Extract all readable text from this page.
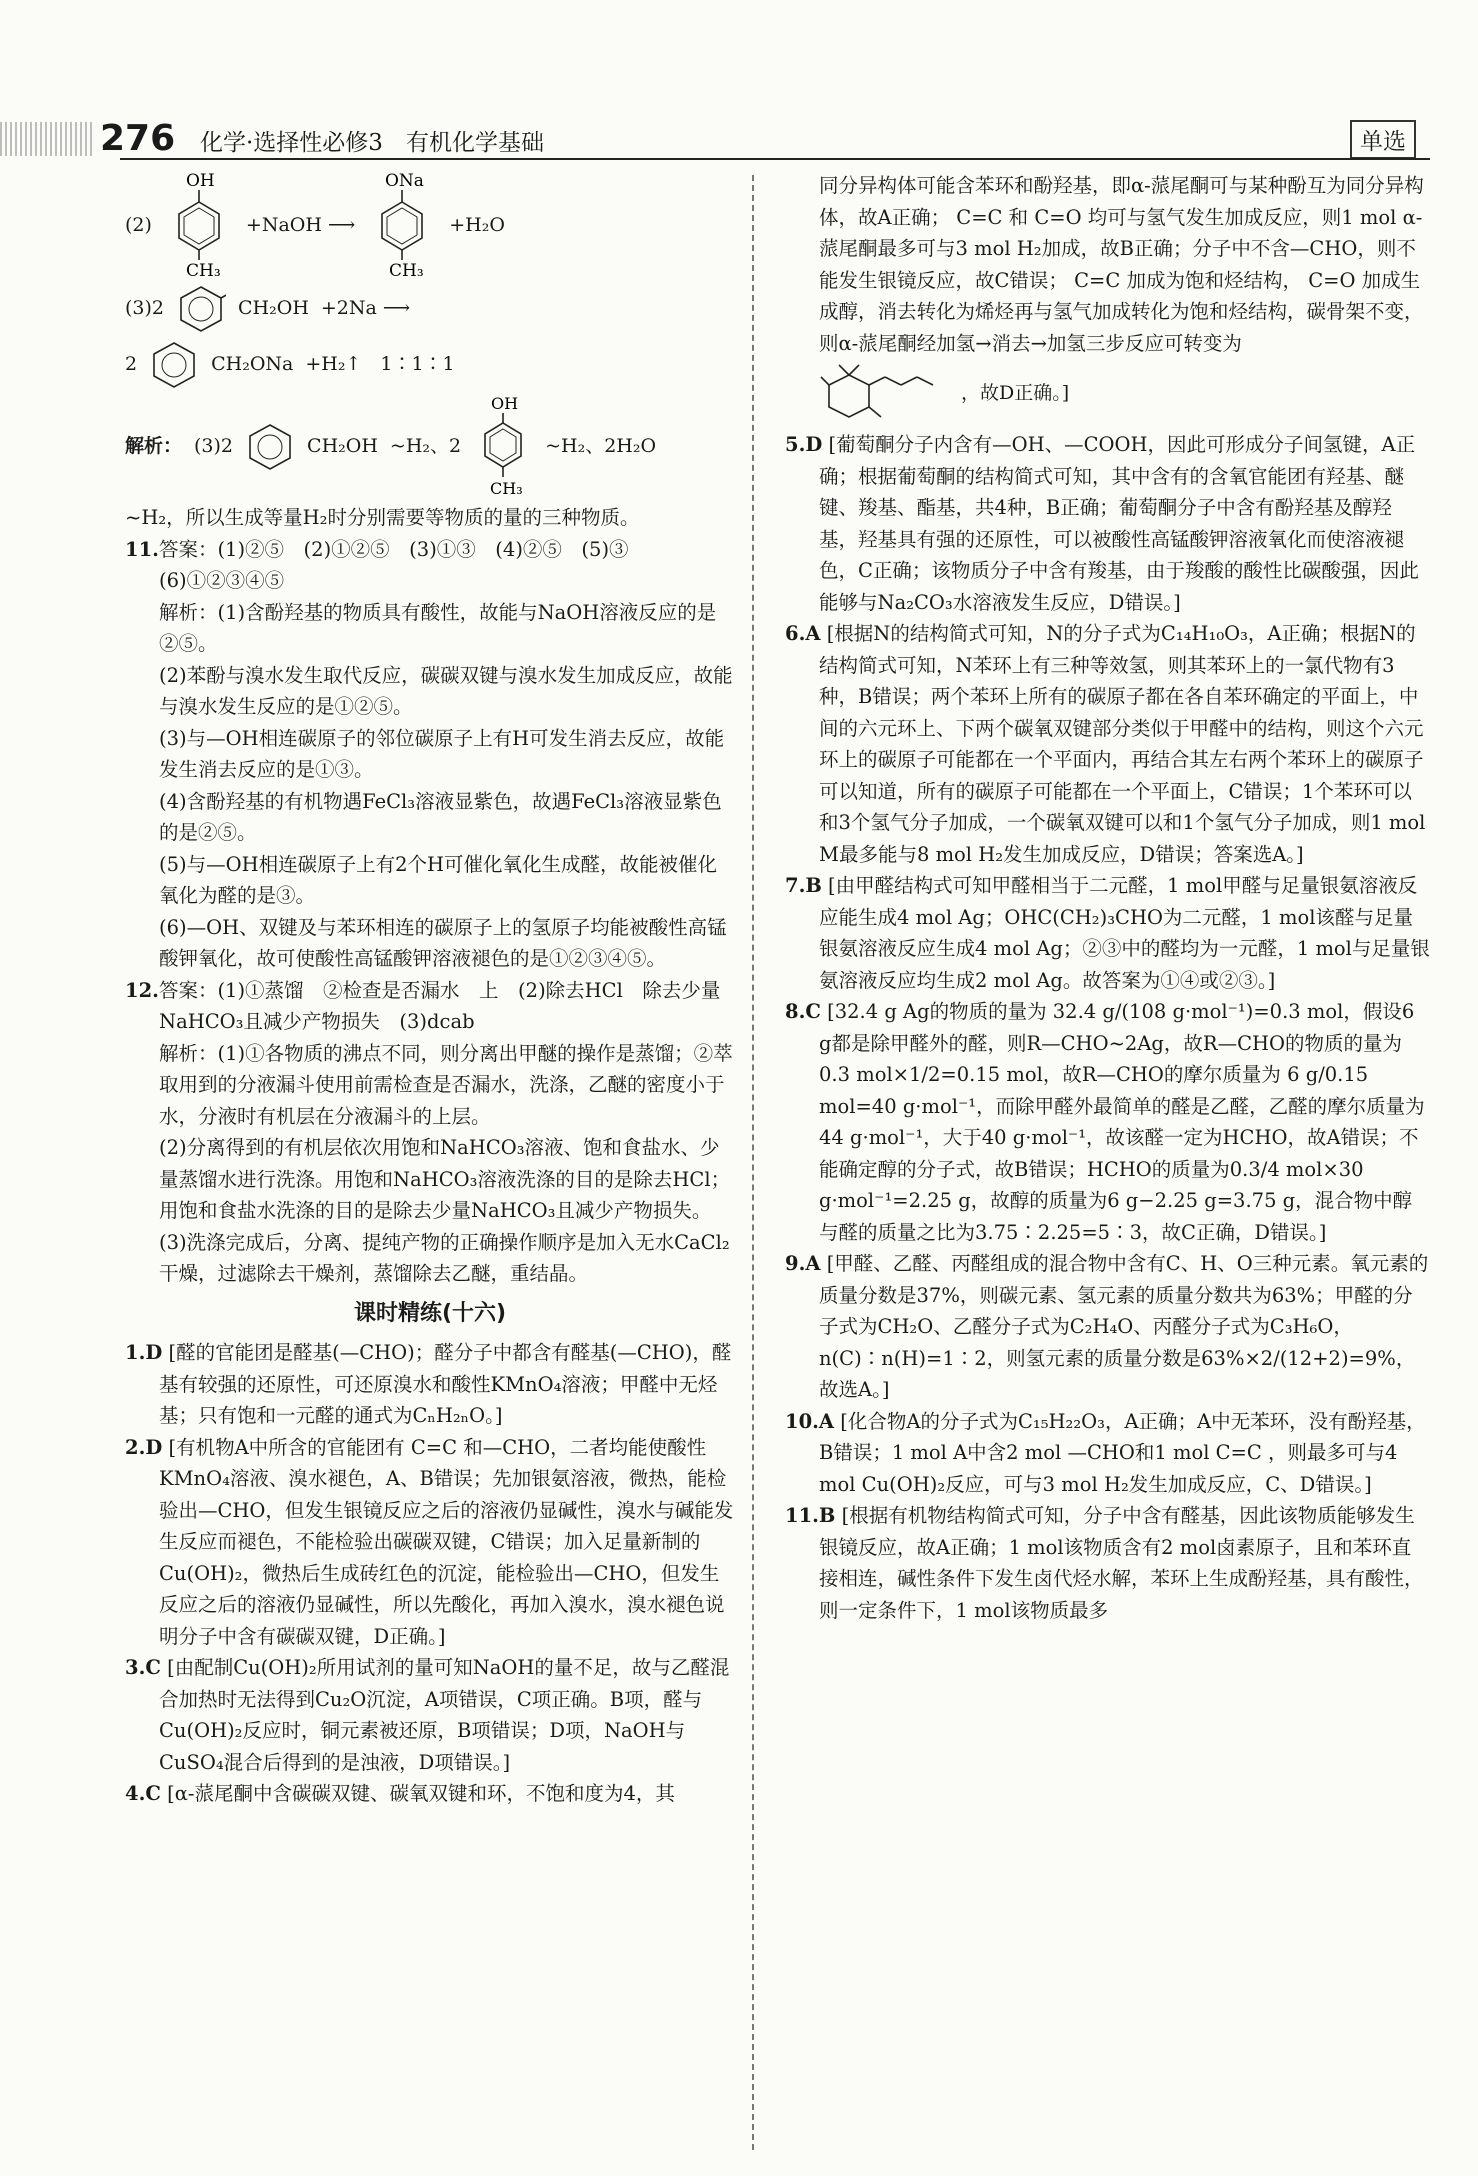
276 化学·选择性必修3　有机化学基础	单选
(2)
OH
CH₃
+NaOH ⟶
ONa
CH₃
+H₂O
(3)2	CH₂OH +2Na ⟶
2	CH₂ONa +H₂↑　1∶1∶1
解析： (3)2	CH₂OH ~H₂、2
OH
CH₃
~H₂、2H₂O

~H₂，所以生成等量H₂时分别需要等物质的量的三种物质。

11.答案：(1)②⑤　(2)①②⑤　(3)①③　(4)②⑤　(5)③　(6)①②③④⑤

解析：(1)含酚羟基的物质具有酸性，故能与NaOH溶液反应的是②⑤。

(2)苯酚与溴水发生取代反应，碳碳双键与溴水发生加成反应，故能与溴水发生反应的是①②⑤。

(3)与—OH相连碳原子的邻位碳原子上有H可发生消去反应，故能发生消去反应的是①③。

(4)含酚羟基的有机物遇FeCl₃溶液显紫色，故遇FeCl₃溶液显紫色的是②⑤。

(5)与—OH相连碳原子上有2个H可催化氧化生成醛，故能被催化氧化为醛的是③。

(6)—OH、双键及与苯环相连的碳原子上的氢原子均能被酸性高锰酸钾氧化，故可使酸性高锰酸钾溶液褪色的是①②③④⑤。

12.答案：(1)①蒸馏　②检查是否漏水　上　(2)除去HCl　除去少量NaHCO₃且减少产物损失　(3)dcab

解析：(1)①各物质的沸点不同，则分离出甲醚的操作是蒸馏；②萃取用到的分液漏斗使用前需检查是否漏水，洗涤，乙醚的密度小于水，分液时有机层在分液漏斗的上层。

(2)分离得到的有机层依次用饱和NaHCO₃溶液、饱和食盐水、少量蒸馏水进行洗涤。用饱和NaHCO₃溶液洗涤的目的是除去HCl；用饱和食盐水洗涤的目的是除去少量NaHCO₃且减少产物损失。

(3)洗涤完成后，分离、提纯产物的正确操作顺序是加入无水CaCl₂干燥，过滤除去干燥剂，蒸馏除去乙醚，重结晶。

课时精练(十六)

1.D [醛的官能团是醛基(—CHO)；醛分子中都含有醛基(—CHO)，醛基有较强的还原性，可还原溴水和酸性KMnO₄溶液；甲醛中无烃基；只有饱和一元醛的通式为CₙH₂ₙO。]

2.D [有机物A中所含的官能团有 C=C 和—CHO，二者均能使酸性KMnO₄溶液、溴水褪色，A、B错误；先加银氨溶液，微热，能检验出—CHO，但发生银镜反应之后的溶液仍显碱性，溴水与碱能发生反应而褪色，不能检验出碳碳双键，C错误；加入足量新制的Cu(OH)₂，微热后生成砖红色的沉淀，能检验出—CHO，但发生反应之后的溶液仍显碱性，所以先酸化，再加入溴水，溴水褪色说明分子中含有碳碳双键，D正确。]

3.C [由配制Cu(OH)₂所用试剂的量可知NaOH的量不足，故与乙醛混合加热时无法得到Cu₂O沉淀，A项错误，C项正确。B项，醛与Cu(OH)₂反应时，铜元素被还原，B项错误；D项，NaOH与CuSO₄混合后得到的是浊液，D项错误。]

4.C [α-蒎尾酮中含碳碳双键、碳氧双键和环，不饱和度为4，其

同分异构体可能含苯环和酚羟基，即α-蒎尾酮可与某种酚互为同分异构体，故A正确； C=C 和 C=O 均可与氢气发生加成反应，则1 mol α-蒎尾酮最多可与3 mol H₂加成，故B正确；分子中不含—CHO，则不能发生银镜反应，故C错误； C=C 加成为饱和烃结构， C=O 加成生成醇，消去转化为烯烃再与氢气加成转化为饱和烃结构，碳骨架不变，则α-蒎尾酮经加氢→消去→加氢三步反应可转变为

，故D正确。]

5.D [葡萄酮分子内含有—OH、—COOH，因此可形成分子间氢键，A正确；根据葡萄酮的结构简式可知，其中含有的含氧官能团有羟基、醚键、羧基、酯基，共4种，B正确；葡萄酮分子中含有酚羟基及醇羟基，羟基具有强的还原性，可以被酸性高锰酸钾溶液氧化而使溶液褪色，C正确；该物质分子中含有羧基，由于羧酸的酸性比碳酸强，因此能够与Na₂CO₃水溶液发生反应，D错误。]

6.A [根据N的结构简式可知，N的分子式为C₁₄H₁₀O₃，A正确；根据N的结构简式可知，N苯环上有三种等效氢，则其苯环上的一氯代物有3种，B错误；两个苯环上所有的碳原子都在各自苯环确定的平面上，中间的六元环上、下两个碳氧双键部分类似于甲醛中的结构，则这个六元环上的碳原子可能都在一个平面内，再结合其左右两个苯环上的碳原子可以知道，所有的碳原子可能都在一个平面上，C错误；1个苯环可以和3个氢气分子加成，一个碳氧双键可以和1个氢气分子加成，则1 mol M最多能与8 mol H₂发生加成反应，D错误；答案选A。]

7.B [由甲醛结构式可知甲醛相当于二元醛，1 mol甲醛与足量银氨溶液反应能生成4 mol Ag；OHC(CH₂)₃CHO为二元醛，1 mol该醛与足量银氨溶液反应生成4 mol Ag；②③中的醛均为一元醛，1 mol与足量银氨溶液反应均生成2 mol Ag。故答案为①④或②③。]

8.C [32.4 g Ag的物质的量为 32.4 g/(108 g·mol⁻¹)=0.3 mol，假设6 g都是除甲醛外的醛，则R—CHO~2Ag，故R—CHO的物质的量为0.3 mol×1/2=0.15 mol，故R—CHO的摩尔质量为 6 g/0.15 mol=40 g·mol⁻¹，而除甲醛外最简单的醛是乙醛，乙醛的摩尔质量为44 g·mol⁻¹，大于40 g·mol⁻¹，故该醛一定为HCHO，故A错误；不能确定醇的分子式，故B错误；HCHO的质量为0.3/4 mol×30 g·mol⁻¹=2.25 g，故醇的质量为6 g−2.25 g=3.75 g，混合物中醇与醛的质量之比为3.75∶2.25=5∶3，故C正确，D错误。]

9.A [甲醛、乙醛、丙醛组成的混合物中含有C、H、O三种元素。氧元素的质量分数是37%，则碳元素、氢元素的质量分数共为63%；甲醛的分子式为CH₂O、乙醛分子式为C₂H₄O、丙醛分子式为C₃H₆O，n(C)∶n(H)=1∶2，则氢元素的质量分数是63%×2/(12+2)=9%，故选A。]

10.A [化合物A的分子式为C₁₅H₂₂O₃，A正确；A中无苯环，没有酚羟基，B错误；1 mol A中含2 mol —CHO和1 mol C=C ，则最多可与4 mol Cu(OH)₂反应，可与3 mol H₂发生加成反应，C、D错误。]

11.B [根据有机物结构简式可知，分子中含有醛基，因此该物质能够发生银镜反应，故A正确；1 mol该物质含有2 mol卤素原子，且和苯环直接相连，碱性条件下发生卤代烃水解，苯环上生成酚羟基，具有酸性，则一定条件下，1 mol该物质最多
